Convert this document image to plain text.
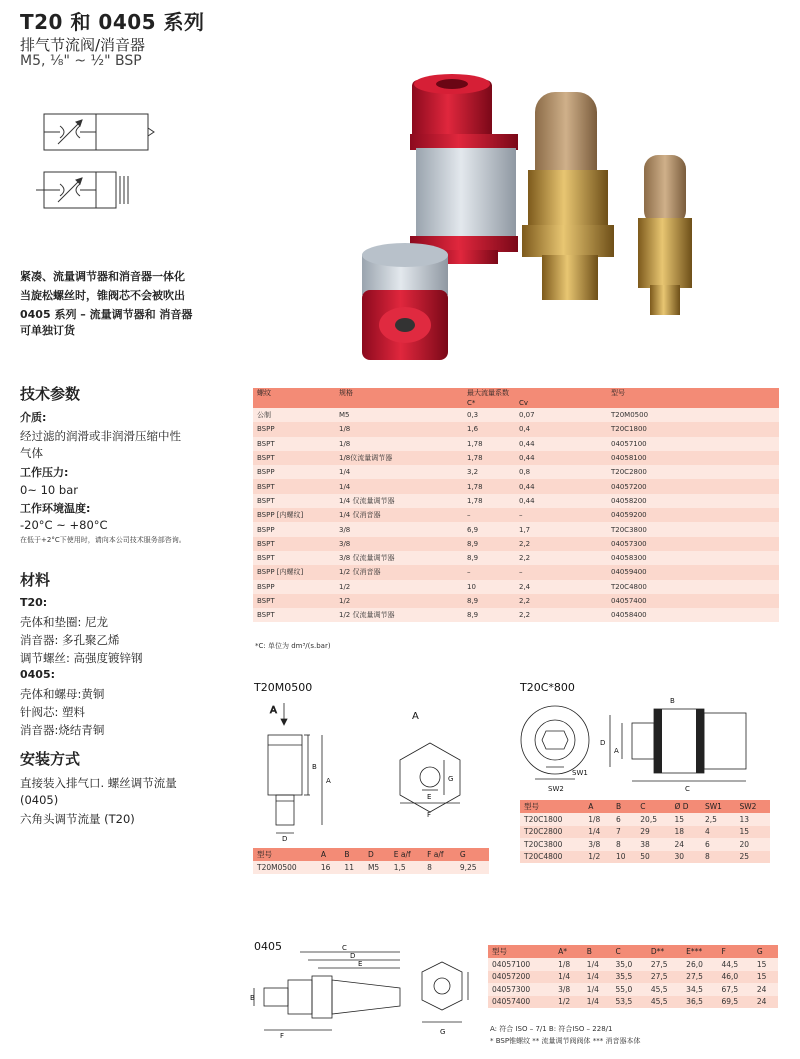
T20 和 0405 系列
排气节流阀/消音器
M5, ⅛" ~ ½" BSP
紧凑、流量调节器和消音器一体化
当旋松螺丝时，锥阀芯不会被吹出
0405 系列 – 流量调节器和 消音器
可单独订货
技术参数
介质:
经过滤的润滑或非润滑压缩中性
气体
工作压力:
0~ 10 bar
工作环境温度:
-20°C ~ +80°C
在低于+2°C下使用时，请向本公司技术服务部咨询。
材料
T20:
壳体和垫圈: 尼龙
消音器: 多孔聚乙烯
调节螺丝: 高强度镀锌钢
0405:
壳体和螺母:黄铜
针阀芯: 塑料
消音器:烧结青铜
安装方式
直接装入排气口. 螺丝调节流量
(0405)
六角头调节流量 (T20)
螺纹	规格	最大流量系数		型号
		C*	Cv	
公制	M5	0,3	0,07	T20M0500
BSPP	1/8	1,6	0,4	T20C1800
BSPT	1/8	1,78	0,44	04057100
BSPT	1/8仪流量调节器	1,78	0,44	04058100
BSPP	1/4	3,2	0,8	T20C2800
BSPT	1/4	1,78	0,44	04057200
BSPT	1/4 仅流量调节器	1,78	0,44	04058200
BSPP [内螺纹]	1/4 仅消音器	–	–	04059200
BSPP	3/8	6,9	1,7	T20C3800
BSPT	3/8	8,9	2,2	04057300
BSPT	3/8 仅流量调节器	8,9	2,2	04058300
BSPP [内螺纹]	1/2 仅消音器	–	–	04059400
BSPP	1/2	10	2,4	T20C4800
BSPT	1/2	8,9	2,2	04057400
BSPT	1/2 仅流量调节器	8,9	2,2	04058400
*C: 单位为 dm³/(s.bar)
T20M0500
A
A
B
A
D
F
E
G
型号	A	B	D	E a/f	F a/f	G
T20M0500	16	11	M5	1,5	8	9,25
T20C*800
D
A
B
C
SW1
SW2
型号	A	B	C	Ø D	SW1	SW2
T20C1800	1/8	6	20,5	15	2,5	13
T20C2800	1/4	7	29	18	4	15
T20C3800	3/8	8	38	24	6	20
T20C4800	1/2	10	50	30	8	25
0405	C
D
E
F
B
G
型号	A*	B	C	D**	E***	F	G
04057100	1/8	1/4	35,0	27,5	26,0	44,5	15
04057200	1/4	1/4	35,5	27,5	27,5	46,0	15
04057300	3/8	1/4	55,0	45,5	34,5	67,5	24
04057400	1/2	1/4	53,5	45,5	36,5	69,5	24
A: 符合 ISO – 7/1 B: 符合ISO – 228/1
* BSP锥螺纹 ** 流量调节阀阀体 *** 消音器本体
